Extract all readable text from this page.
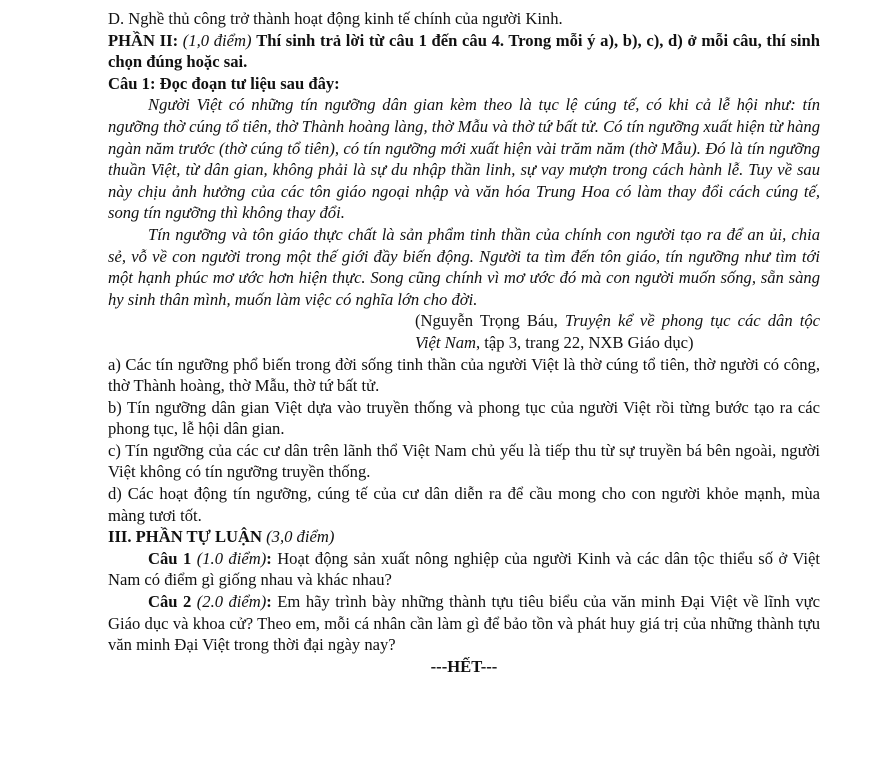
D. Nghề thủ công trở thành hoạt động kinh tế chính của người Kinh.

PHẦN II: (1,0 điểm) Thí sinh trả lời từ câu 1 đến câu 4. Trong mỗi ý a), b), c), d) ở mỗi câu, thí sinh chọn đúng hoặc sai.

Câu 1: Đọc đoạn tư liệu sau đây:

Người Việt có những tín ngưỡng dân gian kèm theo là tục lệ cúng tế, có khi cả lễ hội như: tín ngưỡng thờ cúng tổ tiên, thờ Thành hoàng làng, thờ Mẫu và thờ tứ bất tử. Có tín ngưỡng xuất hiện từ hàng ngàn năm trước (thờ cúng tổ tiên), có tín ngưỡng mới xuất hiện vài trăm năm (thờ Mẫu). Đó là tín ngưỡng thuần Việt, từ dân gian, không phải là sự du nhập thần linh, sự vay mượn trong cách hành lễ. Tuy về sau này chịu ảnh hưởng của các tôn giáo ngoại nhập và văn hóa Trung Hoa có làm thay đổi cách cúng tế, song tín ngưỡng thì không thay đổi.

Tín ngưỡng và tôn giáo thực chất là sản phẩm tinh thần của chính con người tạo ra để an ủi, chia sẻ, vỗ về con người trong một thế giới đầy biến động. Người ta tìm đến tôn giáo, tín ngưỡng như tìm tới một hạnh phúc mơ ước hơn hiện thực. Song cũng chính vì mơ ước đó mà con người muốn sống, sẵn sàng hy sinh thân mình, muốn làm việc có nghĩa lớn cho đời.

(Nguyễn Trọng Báu, Truyện kể về phong tục các dân tộc Việt Nam, tập 3, trang 22, NXB Giáo dục)

a) Các tín ngưỡng phổ biến trong đời sống tinh thần của người Việt là thờ cúng tổ tiên, thờ người có công, thờ Thành hoàng, thờ Mẫu, thờ tứ bất tử.

b) Tín ngưỡng dân gian Việt dựa vào truyền thống và phong tục của người Việt rồi từng bước tạo ra các phong tục, lễ hội dân gian.

c) Tín ngưỡng của các cư dân trên lãnh thổ Việt Nam chủ yếu là tiếp thu từ sự truyền bá bên ngoài, người Việt không có tín ngưỡng truyền thống.

d) Các hoạt động tín ngưỡng, cúng tế của cư dân diễn ra để cầu mong cho con người khỏe mạnh, mùa màng tươi tốt.

III. PHẦN TỰ LUẬN (3,0 điểm)

Câu 1 (1.0 điểm): Hoạt động sản xuất nông nghiệp của người Kinh và các dân tộc thiểu số ở Việt Nam có điểm gì giống nhau và khác nhau?

Câu 2 (2.0 điểm): Em hãy trình bày những thành tựu tiêu biểu của văn minh Đại Việt về lĩnh vực Giáo dục và khoa cử? Theo em, mỗi cá nhân cần làm gì để bảo tồn và phát huy giá trị của những thành tựu văn minh Đại Việt trong thời đại ngày nay?

---HẾT---
